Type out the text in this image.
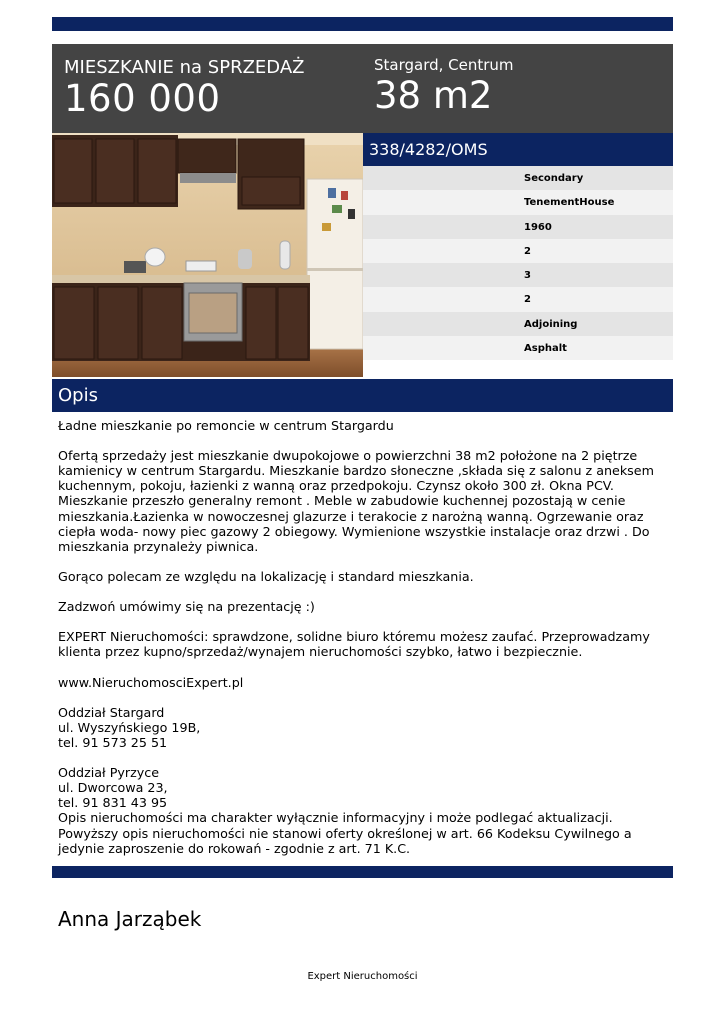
MIESZKANIE na SPRZEDAŻ
160 000
Stargard, Centrum
38 m2
338/4282/OMS
Secondary
TenementHouse
1960
2
3
2
Adjoining
Asphalt
Opis

Ładne mieszkanie po remoncie w centrum Stargardu

Ofertą sprzedaży jest mieszkanie dwupokojowe o powierzchni 38 m2 położone na 2 piętrze kamienicy w centrum Stargardu. Mieszkanie bardzo słoneczne ,składa się z salonu z aneksem kuchennym, pokoju, łazienki z wanną oraz przedpokoju. Czynsz około 300 zł. Okna PCV. Mieszkanie przeszło generalny remont . Meble w zabudowie kuchennej pozostają w cenie mieszkania.Łazienka w nowoczesnej glazurze i terakocie z narożną wanną. Ogrzewanie oraz ciepła woda- nowy piec gazowy 2 obiegowy. Wymienione wszystkie instalacje oraz drzwi . Do mieszkania przynależy piwnica.

Gorąco polecam ze względu na lokalizację i standard mieszkania.

Zadzwoń umówimy się na prezentację :)

EXPERT Nieruchomości: sprawdzone, solidne biuro któremu możesz zaufać. Przeprowadzamy klienta przez kupno/sprzedaż/wynajem nieruchomości szybko, łatwo i bezpiecznie.

www.NieruchomosciExpert.pl

Oddział Stargard
ul. Wyszyńskiego 19B,
tel. 91 573 25 51

Oddział Pyrzyce
ul. Dworcowa 23,
tel. 91 831 43 95

Opis nieruchomości ma charakter wyłącznie informacyjny i może podlegać aktualizacji. Powyższy opis nieruchomości nie stanowi oferty określonej w art. 66 Kodeksu Cywilnego a jedynie zaproszenie do rokowań - zgodnie z art. 71 K.C.

Anna Jarząbek
Expert Nieruchomości
